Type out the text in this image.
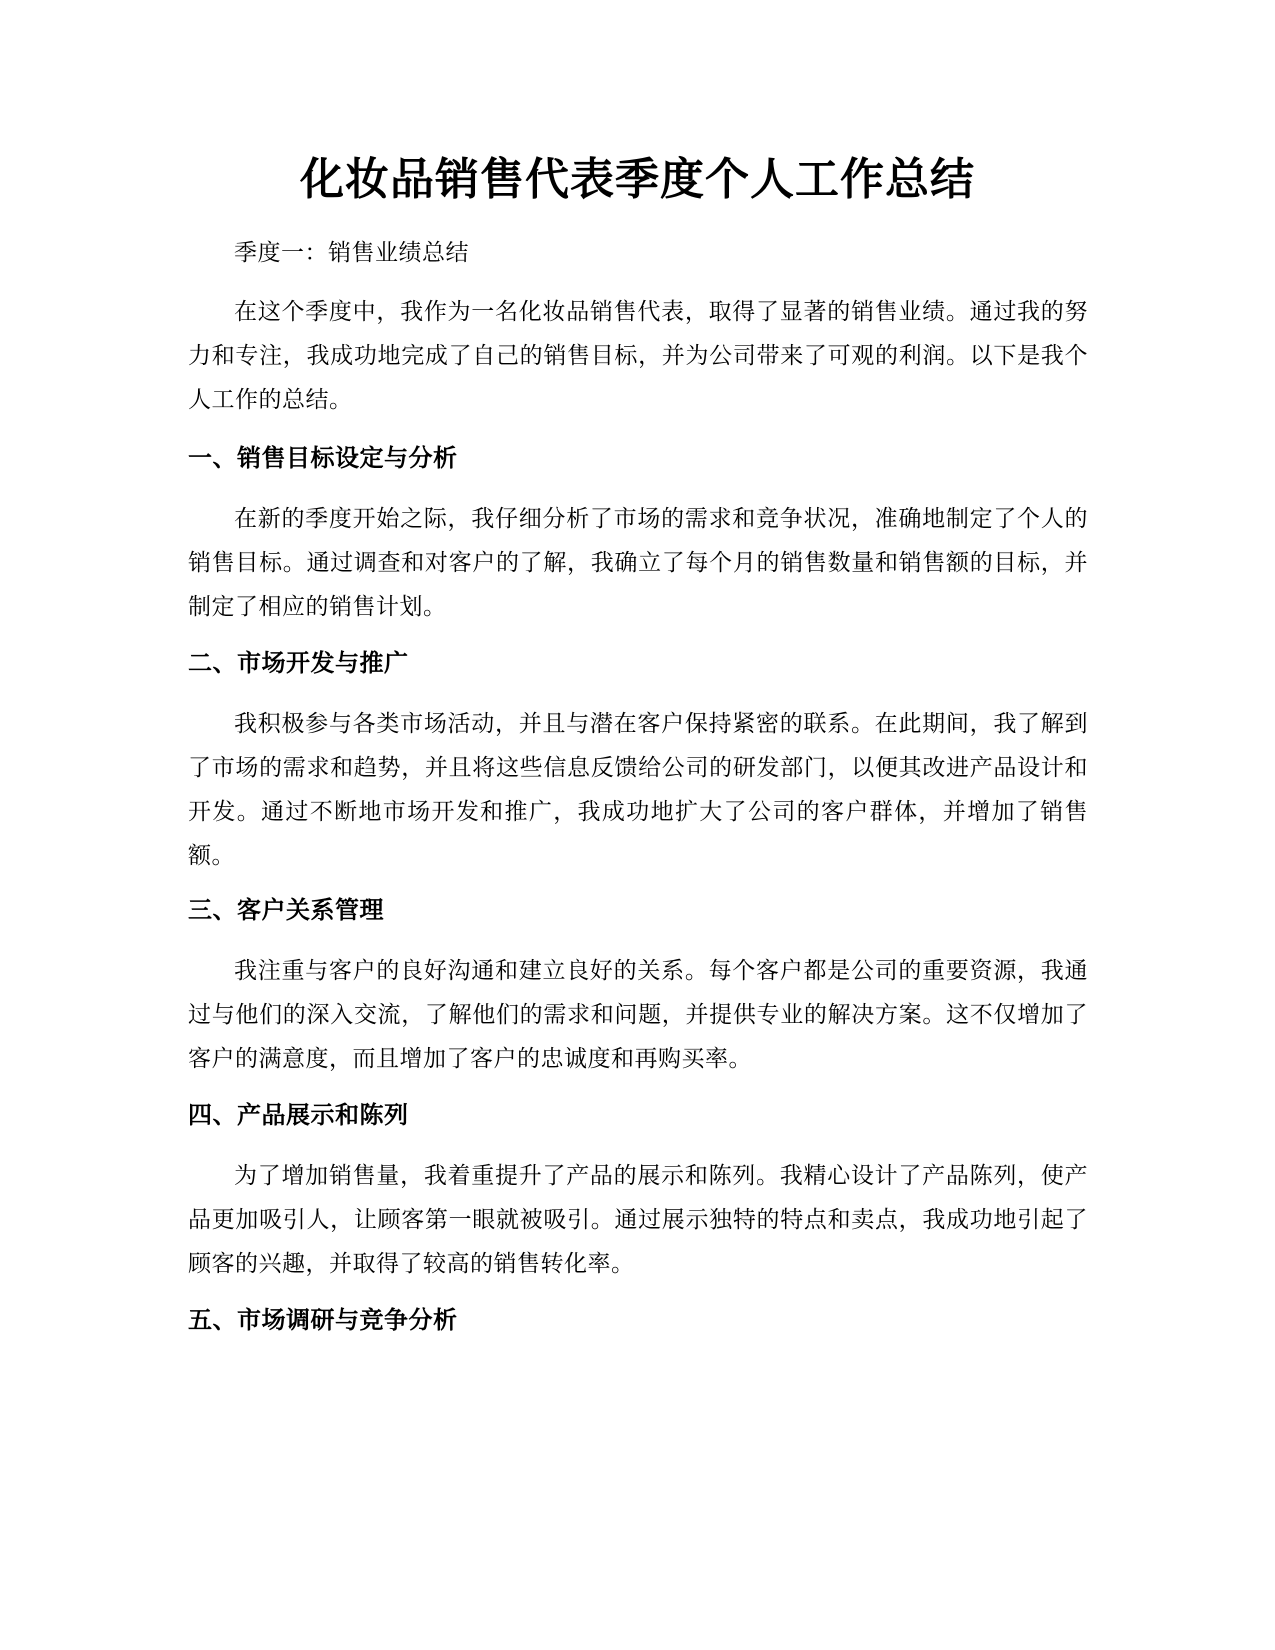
化妆品销售代表季度个人工作总结

季度一：销售业绩总结

在这个季度中，我作为一名化妆品销售代表，取得了显著的销售业绩。通过我的努力和专注，我成功地完成了自己的销售目标，并为公司带来了可观的利润。以下是我个人工作的总结。

一、销售目标设定与分析

在新的季度开始之际，我仔细分析了市场的需求和竞争状况，准确地制定了个人的销售目标。通过调查和对客户的了解，我确立了每个月的销售数量和销售额的目标，并制定了相应的销售计划。

二、市场开发与推广

我积极参与各类市场活动，并且与潜在客户保持紧密的联系。在此期间，我了解到了市场的需求和趋势，并且将这些信息反馈给公司的研发部门，以便其改进产品设计和开发。通过不断地市场开发和推广，我成功地扩大了公司的客户群体，并增加了销售额。

三、客户关系管理

我注重与客户的良好沟通和建立良好的关系。每个客户都是公司的重要资源，我通过与他们的深入交流，了解他们的需求和问题，并提供专业的解决方案。这不仅增加了客户的满意度，而且增加了客户的忠诚度和再购买率。

四、产品展示和陈列

为了增加销售量，我着重提升了产品的展示和陈列。我精心设计了产品陈列，使产品更加吸引人，让顾客第一眼就被吸引。通过展示独特的特点和卖点，我成功地引起了顾客的兴趣，并取得了较高的销售转化率。

五、市场调研与竞争分析
